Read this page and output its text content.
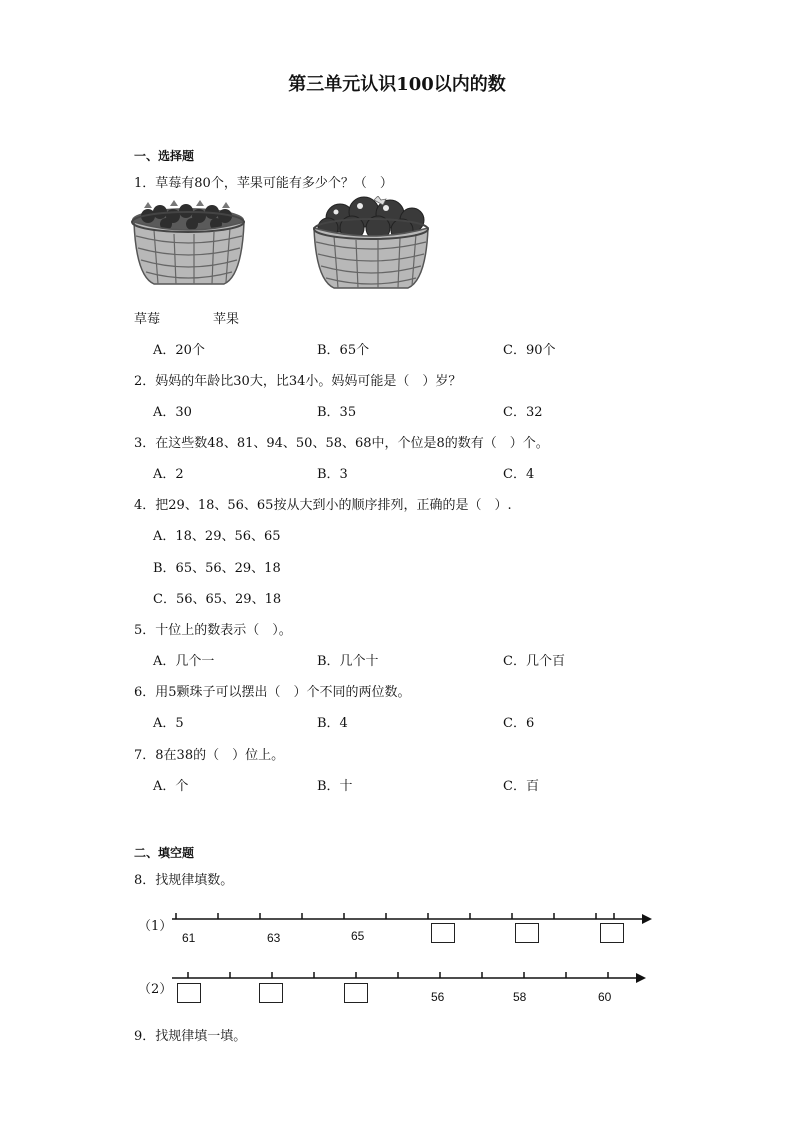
第三单元认识100以内的数
一、选择题
1．草莓有80个，苹果可能有多少个？（　）
草莓	苹果
A．20个	B．65个	C．90个
2．妈妈的年龄比30大，比34小。妈妈可能是（　）岁？
A．30	B．35	C．32
3．在这些数48、81、94、50、58、68中，个位是8的数有（　）个。
A．2	B．3	C．4
4．把29、18、56、65按从大到小的顺序排列，正确的是（　）.
A．18、29、56、65
B．65、56、29、18
C．56、65、29、18
5．十位上的数表示（　）。
A．几个一	B．几个十	C．几个百
6．用5颗珠子可以摆出（　）个不同的两位数。
A．5	B．4	C．6
7．8在38的（　）位上。
A．个	B．十	C．百
二、填空题
8．找规律填数。
（1）
61	63	65
（2）	56	58	60
9．找规律填一填。
